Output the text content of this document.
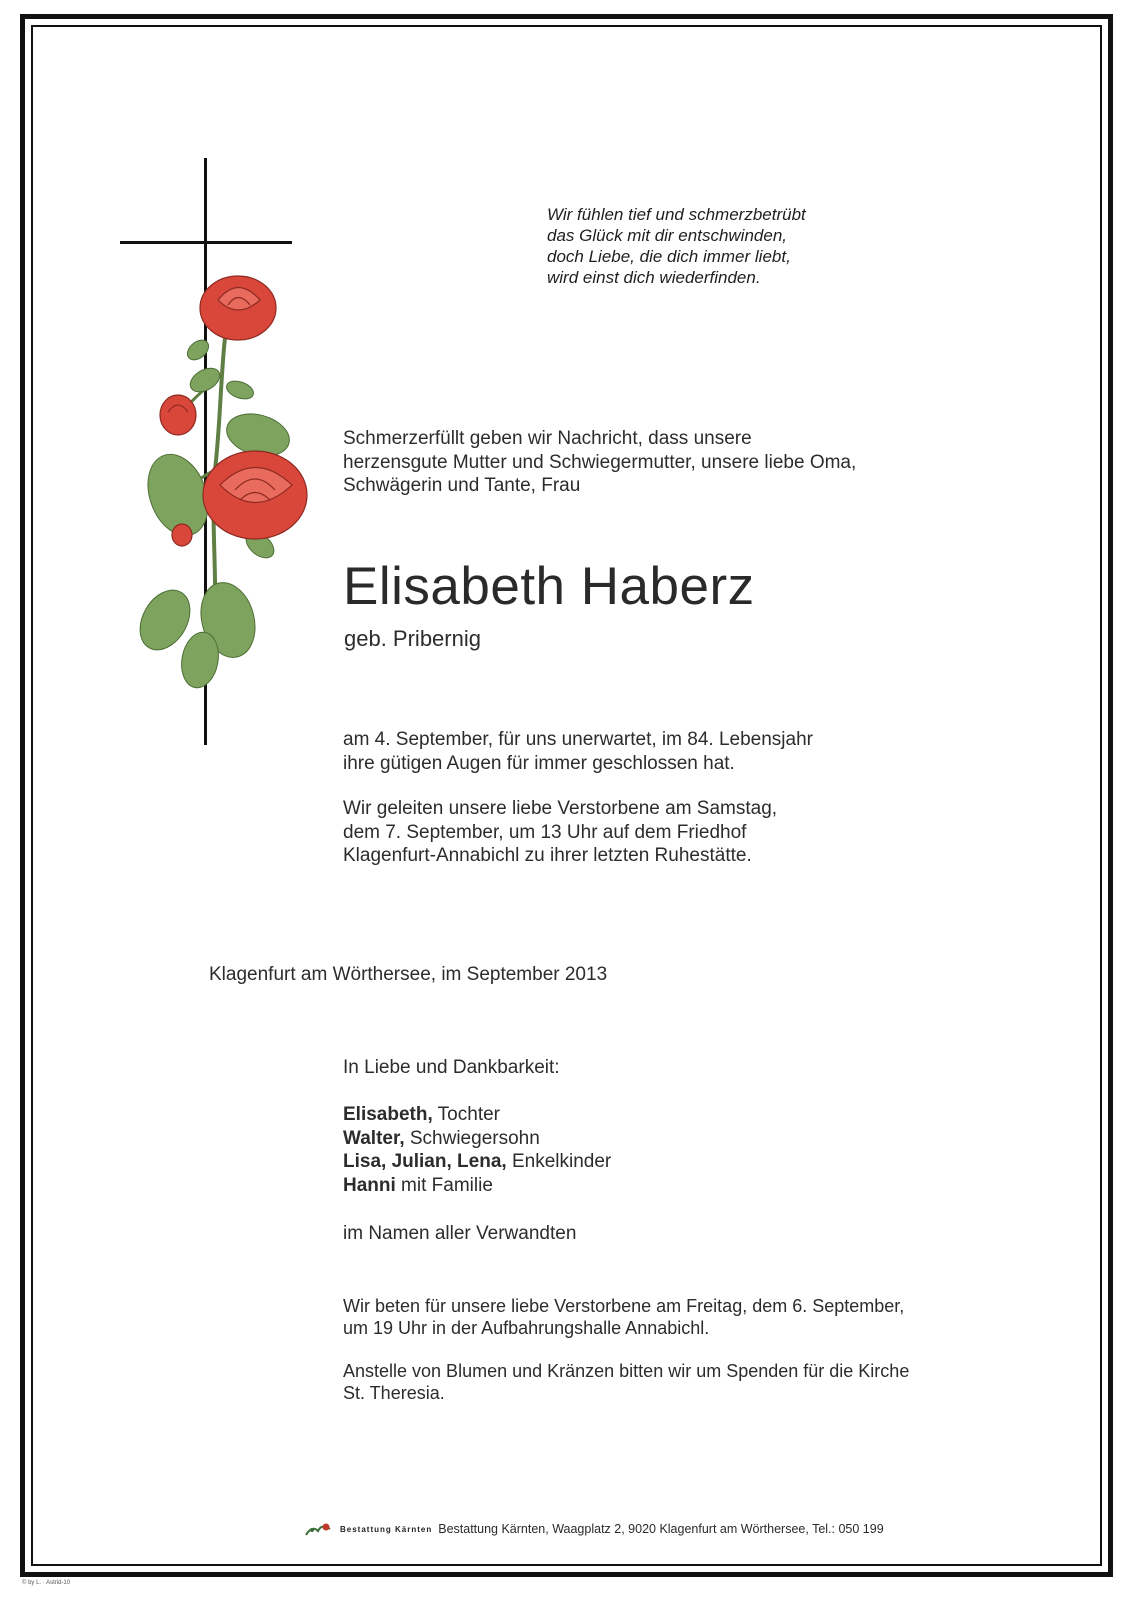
Wir fühlen tief und schmerzbetrübt
das Glück mit dir entschwinden,
doch Liebe, die dich immer liebt,
wird einst dich wiederfinden.
Schmerzerfüllt geben wir Nachricht, dass unsere
herzensgute Mutter und Schwiegermutter, unsere liebe Oma,
Schwägerin und Tante, Frau
Elisabeth Haberz
geb. Pribernig
am 4. September, für uns unerwartet, im 84. Lebensjahr
ihre gütigen Augen für immer geschlossen hat.
Wir geleiten unsere liebe Verstorbene am Samstag,
dem 7. September, um 13 Uhr auf dem Friedhof
Klagenfurt-Annabichl zu ihrer letzten Ruhestätte.
Klagenfurt am Wörthersee, im September 2013
In Liebe und Dankbarkeit:
Elisabeth, Tochter
Walter, Schwiegersohn
Lisa, Julian, Lena, Enkelkinder
Hanni mit Familie
im Namen aller Verwandten
Wir beten für unsere liebe Verstorbene am Freitag, dem 6. September,
um 19 Uhr in der Aufbahrungshalle Annabichl.
Anstelle von Blumen und Kränzen bitten wir um Spenden für die Kirche
St. Theresia.
Bestattung Kärnten Bestattung Kärnten, Waagplatz 2, 9020 Klagenfurt am Wörthersee, Tel.: 050 199
© by L. · Astrid-10
